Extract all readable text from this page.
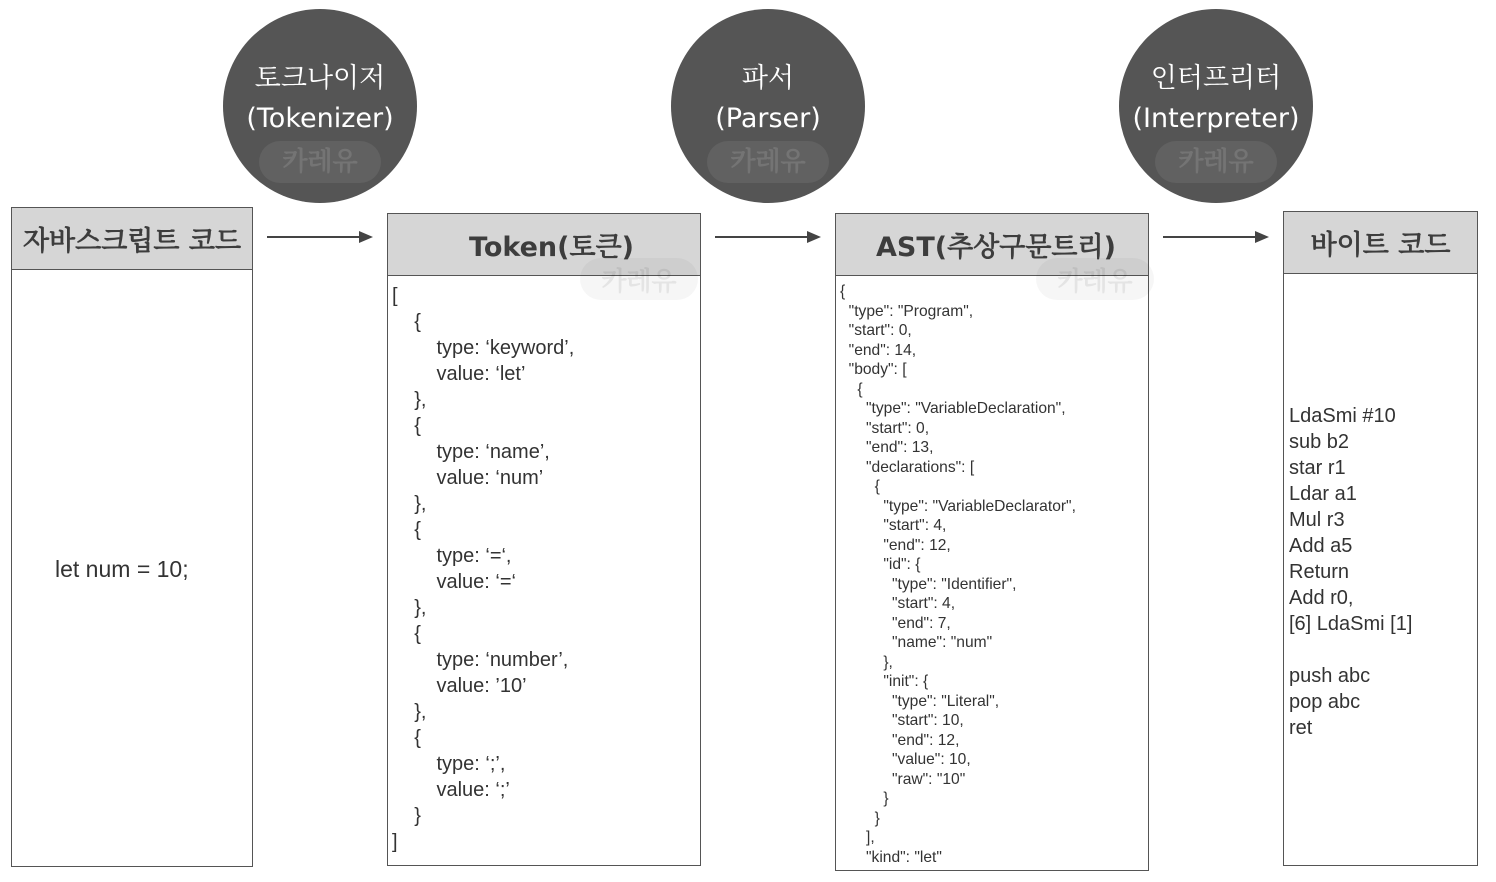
토크나이저
(Tokenizer)
카레유
파서
(Parser)
카레유
인터프리터
(Interpreter)
카레유
자바스크립트 코드
let num = 10;
Token(토큰)
카레유
[
{
type: ‘keyword’,
value: ‘let’
},
{
type: ‘name’,
value: ‘num’
},
{
type: ‘=‘,
value: ‘=‘
},
{
type: ‘number’,
value: ’10’
},
{
type: ‘;’,
value: ‘;’
}
]
AST(추상구문트리)
카레유
{
"type": "Program",
"start": 0,
"end": 14,
"body": [
{
"type": "VariableDeclaration",
"start": 0,
"end": 13,
"declarations": [
{
"type": "VariableDeclarator",
"start": 4,
"end": 12,
"id": {
"type": "Identifier",
"start": 4,
"end": 7,
"name": "num"
},
"init": {
"type": "Literal",
"start": 10,
"end": 12,
"value": 10,
"raw": "10"
}
}
],
"kind": "let"
바이트 코드
LdaSmi #10
sub b2
star r1
Ldar a1
Mul r3
Add a5
Return
Add r0,
[6] LdaSmi [1]

push abc
pop abc
ret
